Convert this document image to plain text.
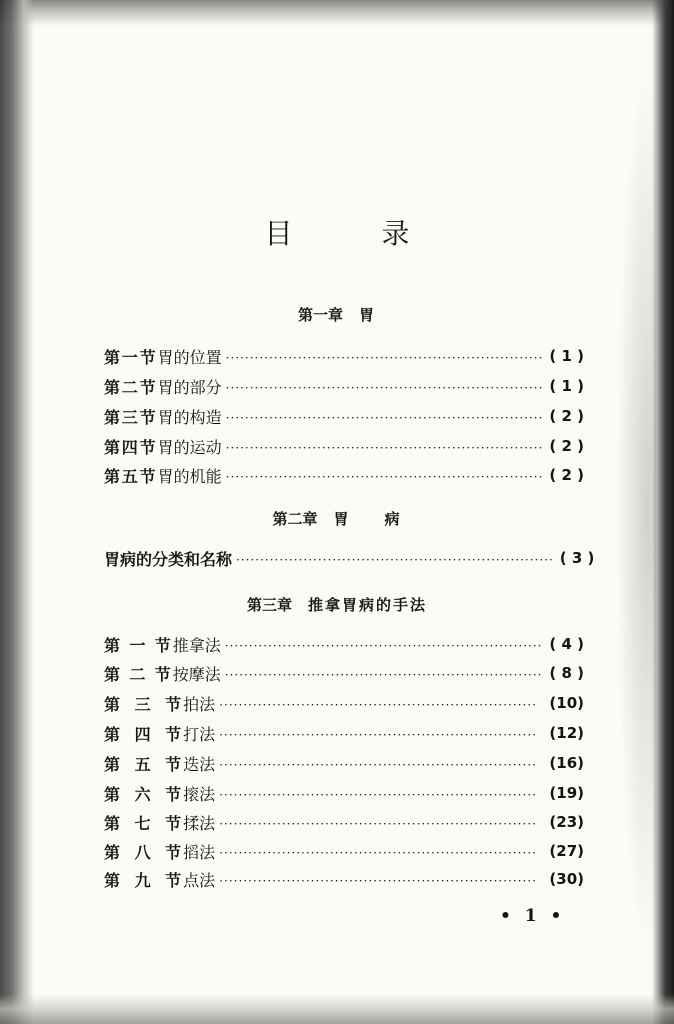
目 录
第一章 胃
第 一 节 胃的位置 ·································································· ( 1 )
第 二 节 胃的部分 ·································································· ( 1 )
第 三 节 胃的构造 ·································································· ( 2 )
第 四 节 胃的运动 ·································································· ( 2 )
第 五 节 胃的机能 ·································································· ( 2 )
第二章 胃　　病
胃病的分类和名称 ·································································· ( 3 )
第三章 推拿胃病的手法
第 一 节 推拿法 ·································································· ( 4 )
第 二 节 按摩法 ·································································· ( 8 )
第 三 节 拍法 ·································································· (10)
第 四 节 打法 ·································································· (12)
第 五 节 迭法 ·································································· (16)
第 六 节 㨰法 ·································································· (19)
第 七 节 揉法 ·································································· (23)
第 八 节 搯法 ·································································· (27)
第 九 节 点法 ·································································· (30)
• 1 •
